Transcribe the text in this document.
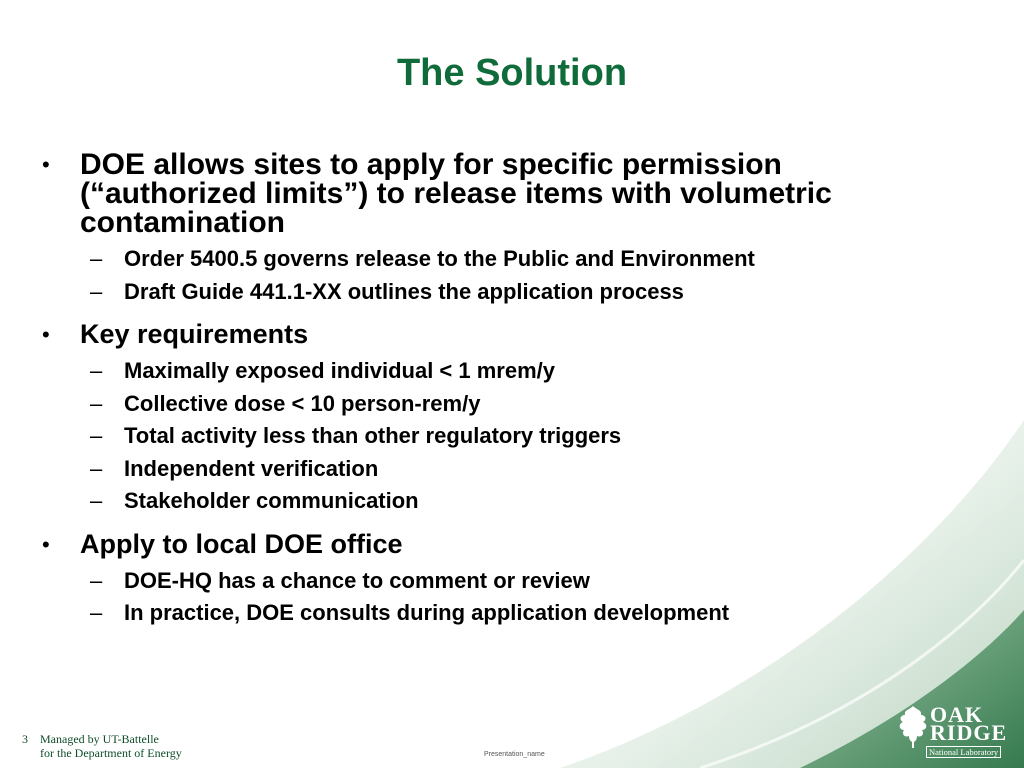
The Solution
• DOE allows sites to apply for specific permission (“authorized limits”) to release items with volumetric contamination
– Order 5400.5 governs release to the Public and Environment
– Draft Guide 441.1-XX outlines the application process
• Key requirements
– Maximally exposed individual < 1 mrem/y
– Collective dose < 10 person-rem/y
– Total activity less than other regulatory triggers
– Independent verification
– Stakeholder communication
• Apply to local DOE office
– DOE-HQ has a chance to comment or review
– In practice, DOE consults during application development
3 Managed by UT-Battelle
for the Department of Energy	Presentation_name
OAK
RIDGE
National Laboratory
